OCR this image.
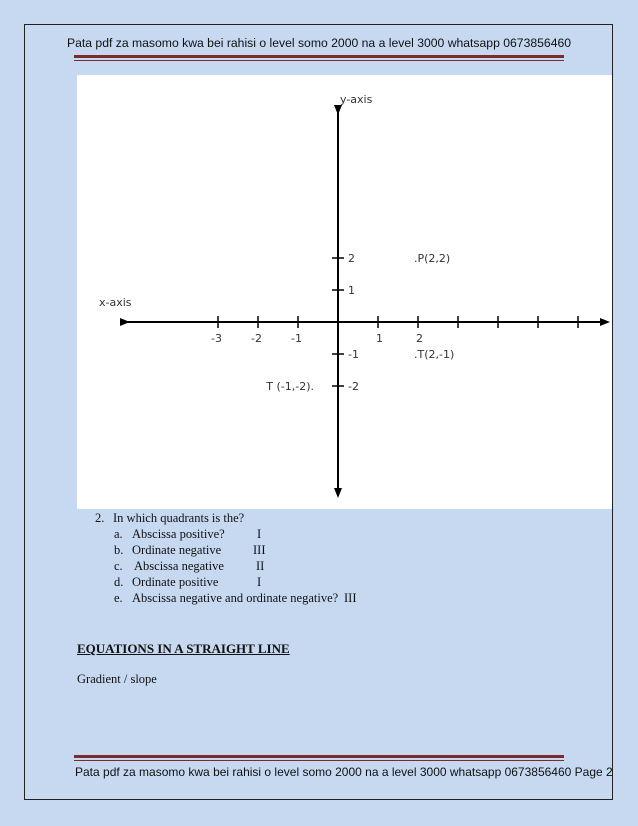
Pata pdf za masomo kwa bei rahisi o level somo 2000 na a level 3000 whatsapp 0673856460
y-axis
x-axis
-3	-2	-1	1	2
2
1
-1
-2
.P(2,2)
.T(2,-1)
T (-1,-2).
2. In which quadrants is the?
a. Abscissa positive?	I
b. Ordinate negative	III
c. Abscissa negative	II
d. Ordinate positive	I
e. Abscissa negative and ordinate negative? III
EQUATIONS IN A STRAIGHT LINE
Gradient / slope
Pata pdf za masomo kwa bei rahisi o level somo 2000 na a level 3000 whatsapp 0673856460 Page 2
